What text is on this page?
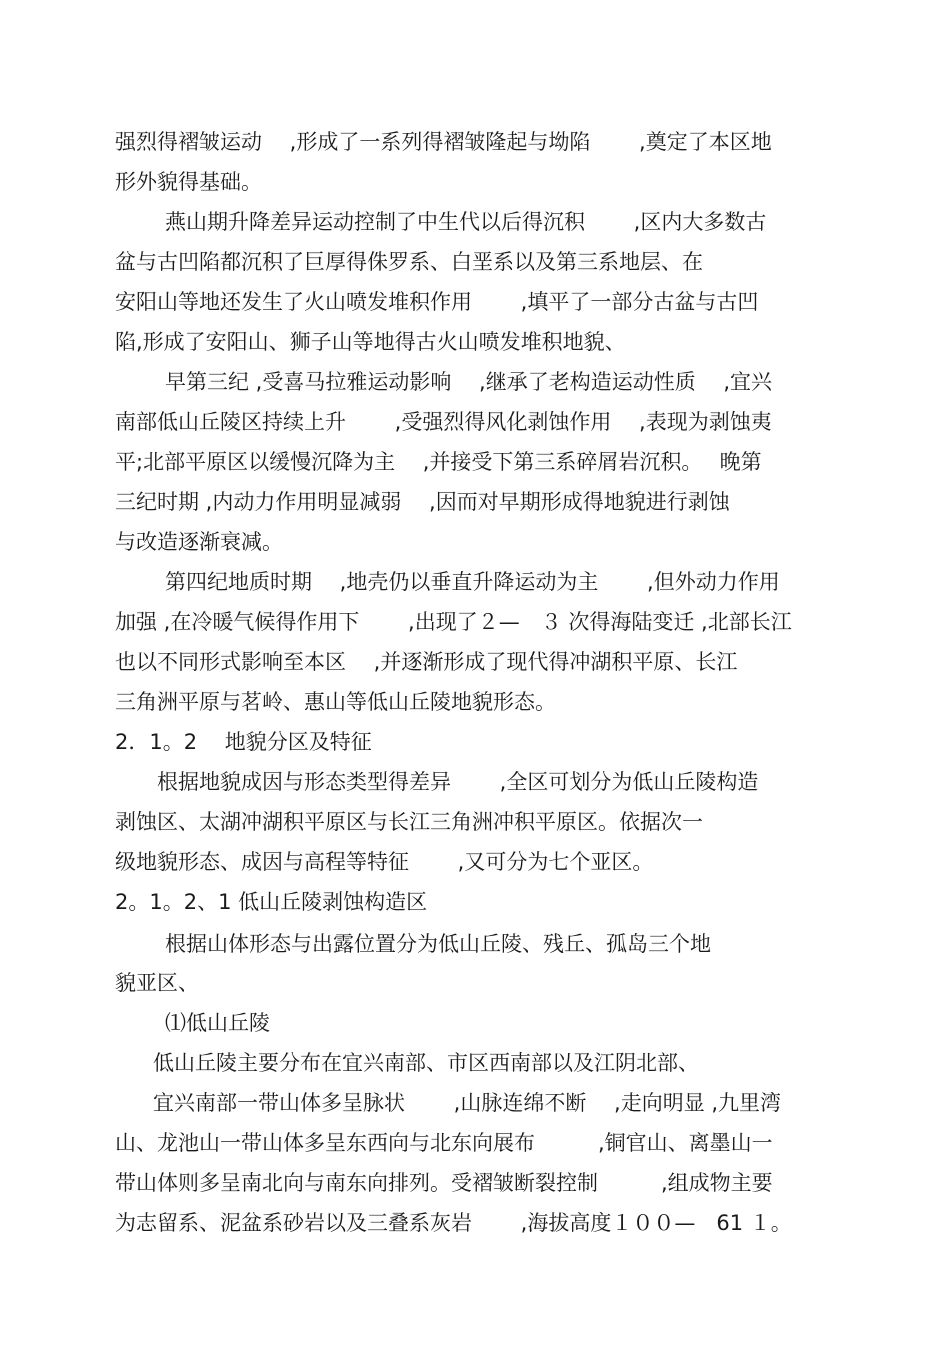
强烈得褶皱运动　 ,形成了一系列得褶皱隆起与坳陷　　 ,奠定了本区地
形外貌得基础。
燕山期升降差异运动控制了中生代以后得沉积　　 ,区内大多数古
盆与古凹陷都沉积了巨厚得侏罗系、白垩系以及第三系地层、在
安阳山等地还发生了火山喷发堆积作用　　 ,填平了一部分古盆与古凹
陷,形成了安阳山、狮子山等地得古火山喷发堆积地貌、
早第三纪 ,受喜马拉雅运动影响　 ,继承了老构造运动性质　 ,宜兴
南部低山丘陵区持续上升　　 ,受强烈得风化剥蚀作用　 ,表现为剥蚀夷
平;北部平原区以缓慢沉降为主　 ,并接受下第三系碎屑岩沉积。　 晚第
三纪时期 ,内动力作用明显减弱　 ,因而对早期形成得地貌进行剥蚀
与改造逐渐衰减。
第四纪地质时期　 ,地壳仍以垂直升降运动为主　　 ,但外动力作用
加强 ,在冷暖气候得作用下　　 ,出现了２—　３ 次得海陆变迁 ,北部长江
也以不同形式影响至本区　 ,并逐渐形成了现代得冲湖积平原、长江
三角洲平原与茗岭、惠山等低山丘陵地貌形态。
2．1。2　 地貌分区及特征
根据地貌成因与形态类型得差异　　 ,全区可划分为低山丘陵构造
剥蚀区、太湖冲湖积平原区与长江三角洲冲积平原区。依据次一
级地貌形态、成因与高程等特征　　 ,又可分为七个亚区。
2。1。2、1 低山丘陵剥蚀构造区
根据山体形态与出露位置分为低山丘陵、残丘、孤岛三个地
貌亚区、
⑴低山丘陵
低山丘陵主要分布在宜兴南部、市区西南部以及江阴北部、
宜兴南部一带山体多呈脉状　　 ,山脉连绵不断　 ,走向明显 ,九里湾
山、龙池山一带山体多呈东西向与北东向展布　　　,铜官山、离墨山一
带山体则多呈南北向与南东向排列。受褶皱断裂控制　　　,组成物主要
为志留系、泥盆系砂岩以及三叠系灰岩　　 ,海拔高度１００—　61 １。
